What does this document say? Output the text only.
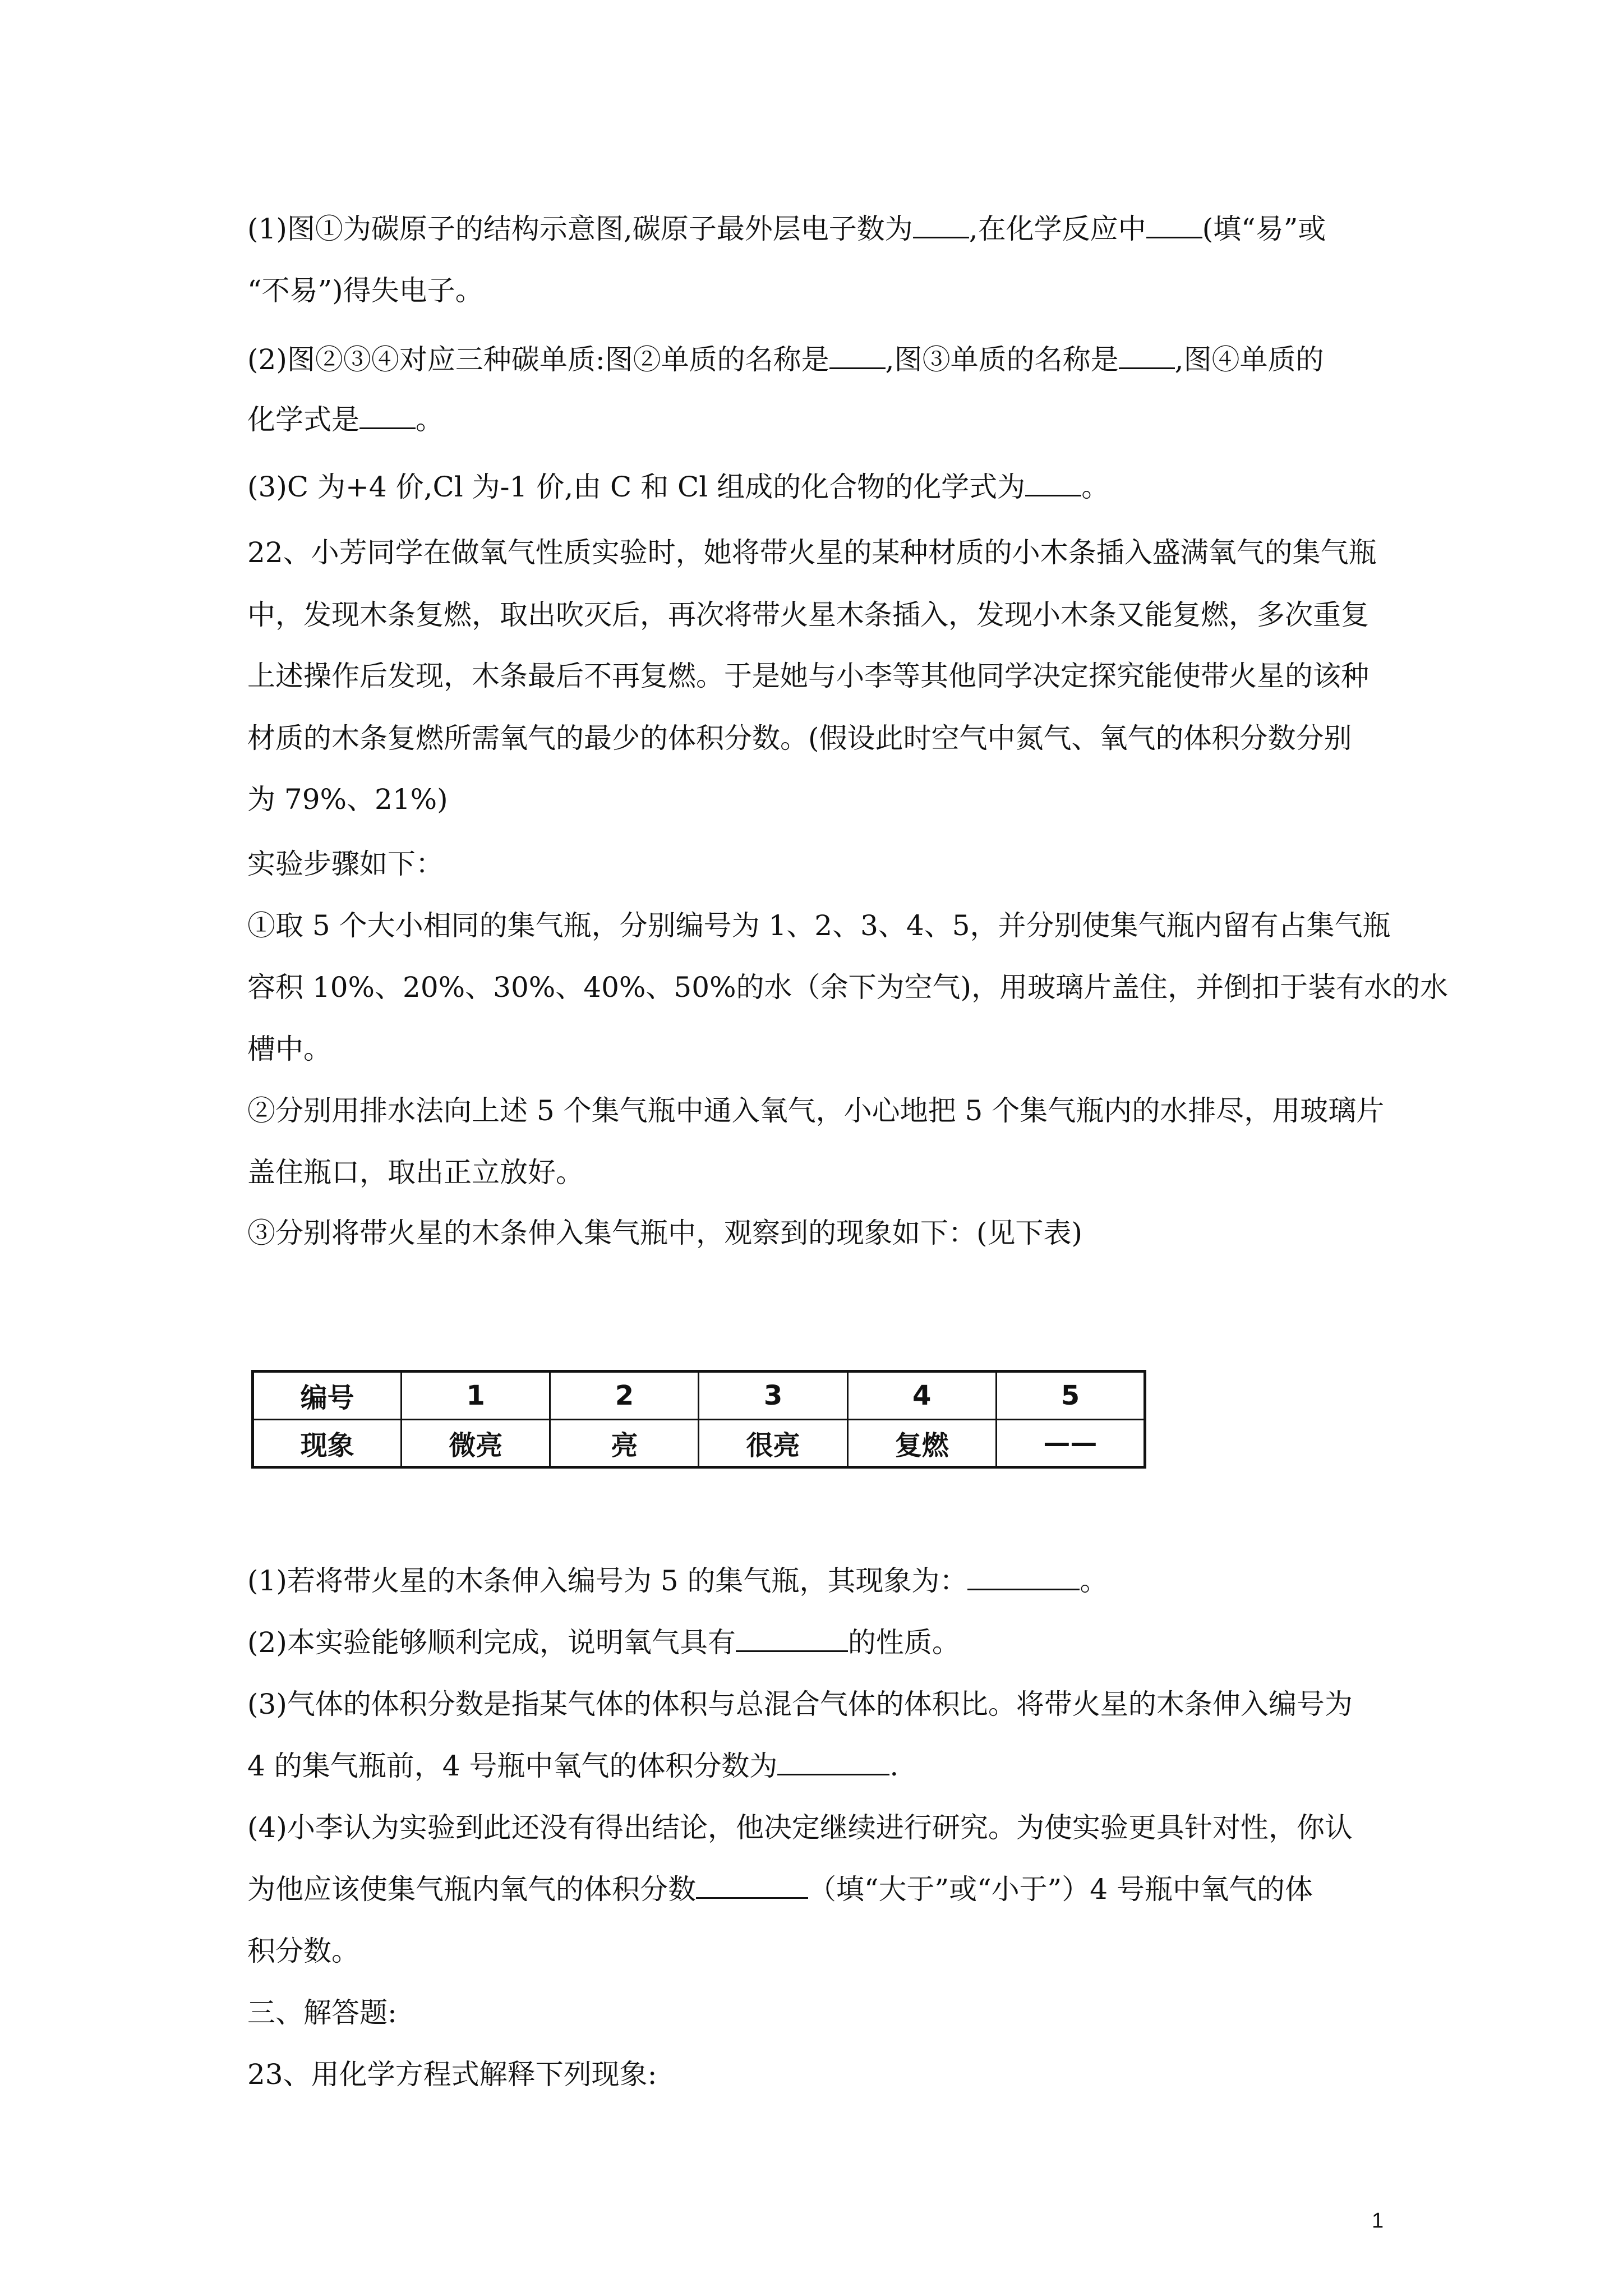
(1)图①为碳原子的结构示意图,碳原子最外层电子数为 ,在化学反应中 (填“易”或
“不易”)得失电子。
(2)图②③④对应三种碳单质:图②单质的名称是 ,图③单质的名称是 ,图④单质的
化学式是 。
(3)C 为+4 价,Cl 为-1 价,由 C 和 Cl 组成的化合物的化学式为 。
22、小芳同学在做氧气性质实验时，她将带火星的某种材质的小木条插入盛满氧气的集气瓶
中，发现木条复燃，取出吹灭后，再次将带火星木条插入，发现小木条又能复燃，多次重复
上述操作后发现，木条最后不再复燃。于是她与小李等其他同学决定探究能使带火星的该种
材质的木条复燃所需氧气的最少的体积分数。(假设此时空气中氮气、氧气的体积分数分别
为 79%、21%)
实验步骤如下：
①取 5 个大小相同的集气瓶，分别编号为 1、2、3、4、5，并分别使集气瓶内留有占集气瓶
容积 10%、20%、30%、40%、50%的水（余下为空气)，用玻璃片盖住，并倒扣于装有水的水
槽中。
②分别用排水法向上述 5 个集气瓶中通入氧气，小心地把 5 个集气瓶内的水排尽，用玻璃片
盖住瓶口，取出正立放好。
③分别将带火星的木条伸入集气瓶中，观察到的现象如下：(见下表)
编号	1	2	3	4	5
现象	微亮	亮	很亮	复燃	——
(1)若将带火星的木条伸入编号为 5 的集气瓶，其现象为：	。
(2)本实验能够顺利完成，说明氧气具有	的性质。
(3)气体的体积分数是指某气体的体积与总混合气体的体积比。将带火星的木条伸入编号为
4 的集气瓶前，4 号瓶中氧气的体积分数为	.
(4)小李认为实验到此还没有得出结论，他决定继续进行研究。为使实验更具针对性，你认
为他应该使集气瓶内氧气的体积分数	（填“大于”或“小于”）4 号瓶中氧气的体
积分数。
三、解答题:
23、用化学方程式解释下列现象:
1
